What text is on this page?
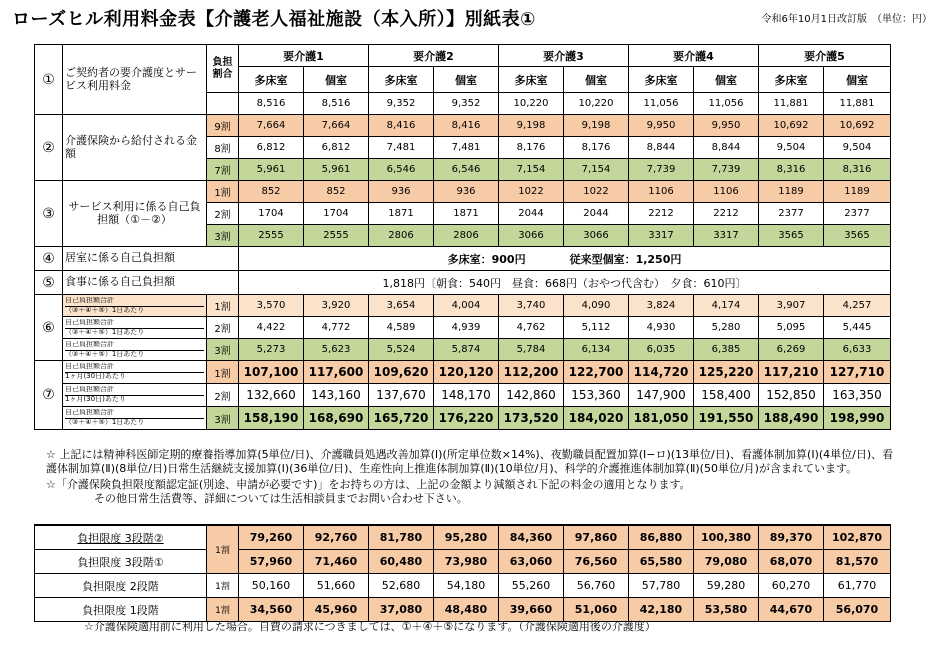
ローズヒル利用料金表【介護老人福祉施設（本入所）】別紙表①	令和6年10月1日改訂版　（単位：円）
①	ご契約者の要介護度とサービス利用料金	負担割合	要介護1		要介護2		要介護3		要介護4		要介護5	
			多床室	個室	多床室	個室	多床室	個室	多床室	個室	多床室	個室
			8,516	8,516	9,352	9,352	10,220	10,220	11,056	11,056	11,881	11,881
②	介護保険から給付される金額	9割	7,664	7,664	8,416	8,416	9,198	9,198	9,950	9,950	10,692	10,692
		8割	6,812	6,812	7,481	7,481	8,176	8,176	8,844	8,844	9,504	9,504
		7割	5,961	5,961	6,546	6,546	7,154	7,154	7,739	7,739	8,316	8,316
③	サービス利用に係る自己負担額（①－②）	1割	852	852	936	936	1022	1022	1106	1106	1189	1189
		2割	1704	1704	1871	1871	2044	2044	2212	2212	2377	2377
		3割	2555	2555	2806	2806	3066	3066	3317	3317	3565	3565
④	居室に係る自己負担額		多床室：900円　　　　従来型個室：1,250円									
⑤	食事に係る自己負担額		1,818円〔朝食：540円　昼食：668円（おやつ代含む）　夕食：610円〕									
⑥	自己負担額合計
（③＋④＋⑤）1日あたり	1割	3,570	3,920	3,654	4,004	3,740	4,090	3,824	4,174	3,907	4,257

	自己負担額合計
（③＋④＋⑤）1日あたり	2割	4,422	4,772	4,589	4,939	4,762	5,112	4,930	5,280	5,095	5,445

	自己負担額合計
（③＋④＋⑤）1日あたり	3割	5,273	5,623	5,524	5,874	5,784	6,134	6,035	6,385	6,269	6,633
⑦	自己負担額合計
1ヶ月(30日)あたり	1割	107,100	117,600	109,620	120,120	112,200	122,700	114,720	125,220	117,210	127,710

	自己負担額合計
1ヶ月(30日)あたり	2割	132,660	143,160	137,670	148,170	142,860	153,360	147,900	158,400	152,850	163,350

	自己負担額合計
（③＋④＋⑤）1日あたり	3割	158,190	168,690	165,720	176,220	173,520	184,020	181,050	191,550	188,490	198,990

☆ 上記には精神科医師定期的療養指導加算(5単位/日)、介護職員処遇改善加算(Ⅰ)(所定単位数×14%)、夜勤職員配置加算(Ⅰ−ロ)(13単位/日)、看護体制加算(Ⅰ)(4単位/日)、看護体制加算(Ⅱ)(8単位/日)日常生活継続支援加算(Ⅰ)(36単位/日)、生産性向上推進体制加算(Ⅱ)(10単位/月)、科学的介護推進体制加算(Ⅱ)(50単位/月)が含まれています。

☆「介護保険負担限度額認定証(別途、申請が必要です)」をお持ちの方は、上記の金額より減額され下記の料金の適用となります。

その他日常生活費等、詳細については生活相談員までお問い合わせ下さい。

負担限度 3段階②	1割	79,260	92,760	81,780	95,280	84,360	97,860	86,880	100,380	89,370	102,870
負担限度 3段階①		57,960	71,460	60,480	73,980	63,060	76,560	65,580	79,080	68,070	81,570
負担限度 2段階	1割	50,160	51,660	52,680	54,180	55,260	56,760	57,780	59,280	60,270	61,770
負担限度 1段階	1割	34,560	45,960	37,080	48,480	39,660	51,060	42,180	53,580	44,670	56,070
☆介護保険適用前に利用した場合。自費の請求につきましては、①＋④＋⑤になります。（介護保険適用後の介護度）
